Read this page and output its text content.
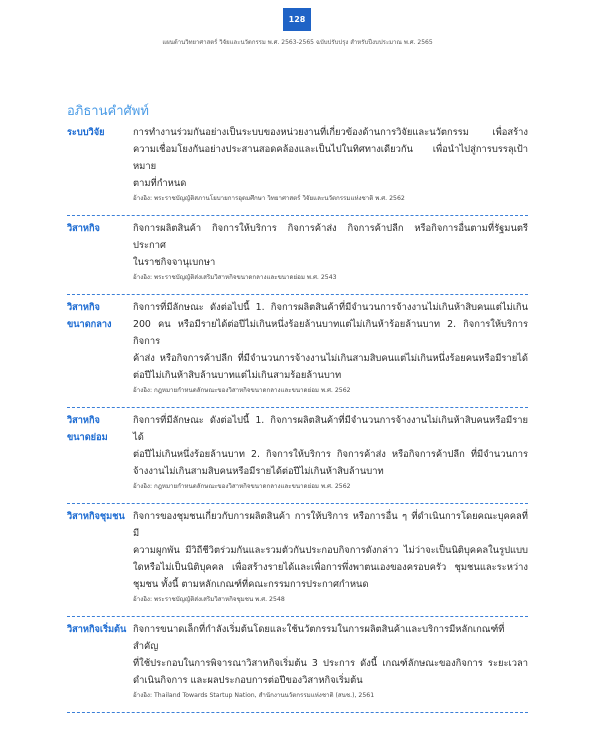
128
แผนด้านวิทยาศาสตร์ วิจัยและนวัตกรรม พ.ศ. 2563-2565 ฉบับปรับปรุง สำหรับปีงบประมาณ พ.ศ. 2565
อภิธานคำศัพท์
ระบบวิจัย	การทำงานร่วมกันอย่างเป็นระบบของหน่วยงานที่เกี่ยวข้องด้านการวิจัยและนวัตกรรม เพื่อสร้าง
ความเชื่อมโยงกันอย่างประสานสอดคล้องและเป็นไปในทิศทางเดียวกัน เพื่อนำไปสู่การบรรลุเป้าหมาย
ตามที่กำหนด
อ้างอิง: พระราชบัญญัติสภานโยบายการอุดมศึกษา วิทยาศาสตร์ วิจัยและนวัตกรรมแห่งชาติ พ.ศ. 2562
วิสาหกิจ	กิจการผลิตสินค้า กิจการให้บริการ กิจการค้าส่ง กิจการค้าปลีก หรือกิจการอื่นตามที่รัฐมนตรีประกาศ
ในราชกิจจานุเบกษา
อ้างอิง: พระราชบัญญัติส่งเสริมวิสาหกิจขนาดกลางและขนาดย่อม พ.ศ. 2543
วิสาหกิจ
ขนาดกลาง
กิจการที่มีลักษณะ ดังต่อไปนี้ 1. กิจการผลิตสินค้าที่มีจำนวนการจ้างงานไม่เกินห้าสิบคนแต่ไม่เกิน
200 คน หรือมีรายได้ต่อปีไม่เกินหนึ่งร้อยล้านบาทแต่ไม่เกินห้าร้อยล้านบาท 2. กิจการให้บริการ กิจการ
ค้าส่ง หรือกิจการค้าปลีก ที่มีจำนวนการจ้างงานไม่เกินสามสิบคนแต่ไม่เกินหนึ่งร้อยคนหรือมีรายได้
ต่อปีไม่เกินห้าสิบล้านบาทแต่ไม่เกินสามร้อยล้านบาท
อ้างอิง: กฎหมายกำหนดลักษณะของวิสาหกิจขนาดกลางและขนาดย่อม พ.ศ. 2562
วิสาหกิจ
ขนาดย่อม
กิจการที่มีลักษณะ ดังต่อไปนี้ 1. กิจการผลิตสินค้าที่มีจำนวนการจ้างงานไม่เกินห้าสิบคนหรือมีรายได้
ต่อปีไม่เกินหนึ่งร้อยล้านบาท 2. กิจการให้บริการ กิจการค้าส่ง หรือกิจการค้าปลีก ที่มีจำนวนการ
จ้างงานไม่เกินสามสิบคนหรือมีรายได้ต่อปีไม่เกินห้าสิบล้านบาท
อ้างอิง: กฎหมายกำหนดลักษณะของวิสาหกิจขนาดกลางและขนาดย่อม พ.ศ. 2562
วิสาหกิจชุมชน กิจการของชุมชนเกี่ยวกับการผลิตสินค้า การให้บริการ หรือการอื่น ๆ ที่ดำเนินการโดยคณะบุคคลที่มี
ความผูกพัน มีวิถีชีวิตร่วมกันและรวมตัวกันประกอบกิจการดังกล่าว ไม่ว่าจะเป็นนิติบุคคลในรูปแบบ
ใดหรือไม่เป็นนิติบุคคล เพื่อสร้างรายได้และเพื่อการพึ่งพาตนเองของครอบครัว ชุมชนและระหว่าง
ชุมชน ทั้งนี้ ตามหลักเกณฑ์ที่คณะกรรมการประกาศกำหนด
อ้างอิง: พระราชบัญญัติส่งเสริมวิสาหกิจชุมชน พ.ศ. 2548
วิสาหกิจเริ่มต้น กิจการขนาดเล็กที่กำลังเริ่มต้นโดยและใช้นวัตกรรมในการผลิตสินค้าและบริการมีหลักเกณฑ์ที่สำคัญ
ที่ใช้ประกอบในการพิจารณาวิสาหกิจเริ่มต้น 3 ประการ ดังนี้ เกณฑ์ลักษณะของกิจการ ระยะเวลา
ดำเนินกิจการ และผลประกอบการต่อปีของวิสาหกิจเริ่มต้น
อ้างอิง: Thailand Towards Startup Nation, สำนักงานนวัตกรรมแห่งชาติ (สนช.), 2561
